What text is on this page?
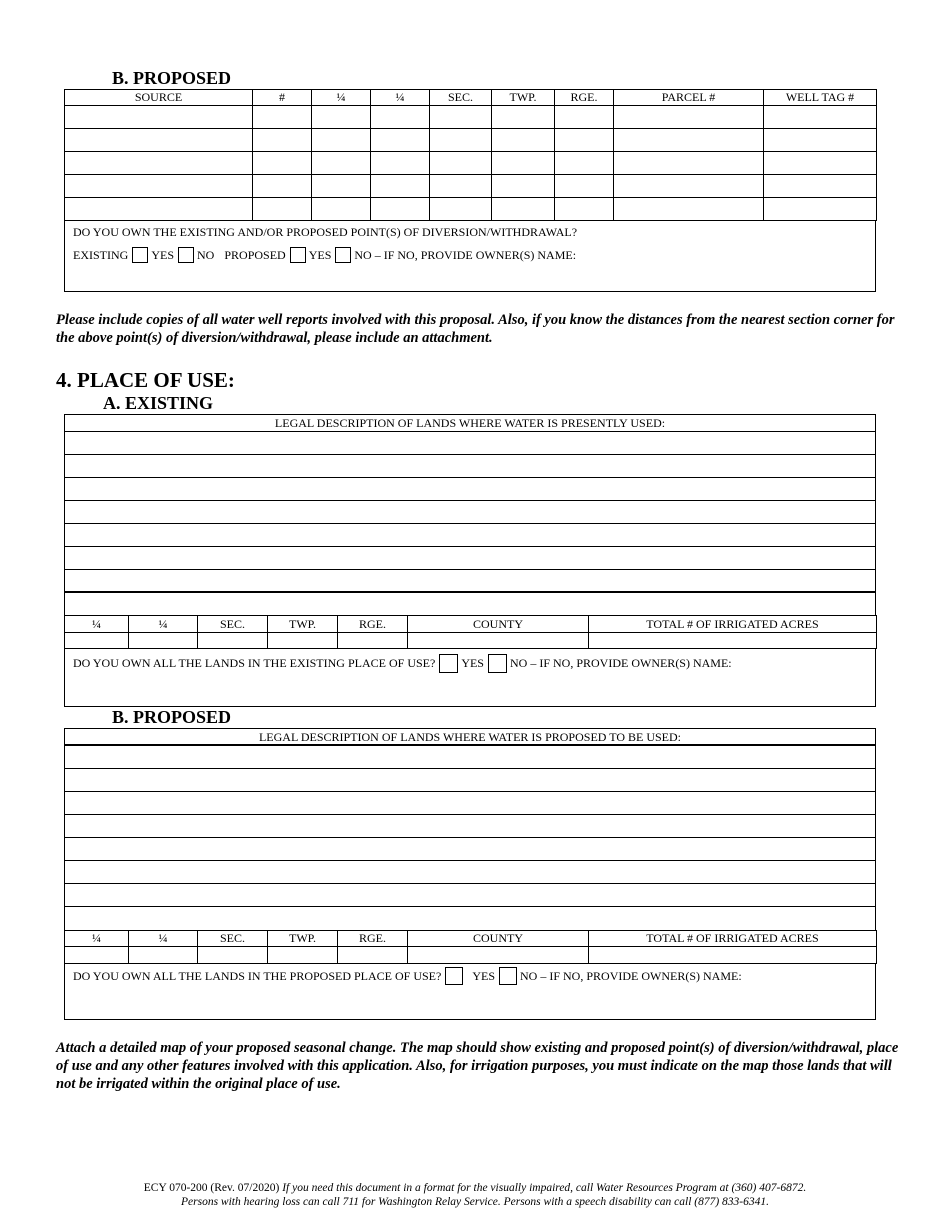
B. PROPOSED
SOURCE	#	¼	¼	SEC.	TWP.	RGE.	PARCEL #	WELL TAG #

DO YOU OWN THE EXISTING AND/OR PROPOSED POINT(S) OF DIVERSION/WITHDRAWAL?
EXISTING YES NO PROPOSED YES NO – IF NO, PROVIDE OWNER(S) NAME:
Please include copies of all water well reports involved with this proposal. Also, if you know the distances from the nearest section corner for the above point(s) of diversion/withdrawal, please include an attachment.
4. PLACE OF USE:
A. EXISTING
LEGAL DESCRIPTION OF LANDS WHERE WATER IS PRESENTLY USED:
¼	¼	SEC.	TWP.	RGE.	COUNTY	TOTAL # OF IRRIGATED ACRES

DO YOU OWN ALL THE LANDS IN THE EXISTING PLACE OF USE? YES NO – IF NO, PROVIDE OWNER(S) NAME:
B. PROPOSED
LEGAL DESCRIPTION OF LANDS WHERE WATER IS PROPOSED TO BE USED:
¼	¼	SEC.	TWP.	RGE.	COUNTY	TOTAL # OF IRRIGATED ACRES

DO YOU OWN ALL THE LANDS IN THE PROPOSED PLACE OF USE?	YES NO – IF NO, PROVIDE OWNER(S) NAME:
Attach a detailed map of your proposed seasonal change. The map should show existing and proposed point(s) of diversion/withdrawal, place of use and any other features involved with this application. Also, for irrigation purposes, you must indicate on the map those lands that will not be irrigated within the original place of use.
ECY 070-200 (Rev. 07/2020) If you need this document in a format for the visually impaired, call Water Resources Program at (360) 407-6872.
Persons with hearing loss can call 711 for Washington Relay Service. Persons with a speech disability can call (877) 833-6341.
